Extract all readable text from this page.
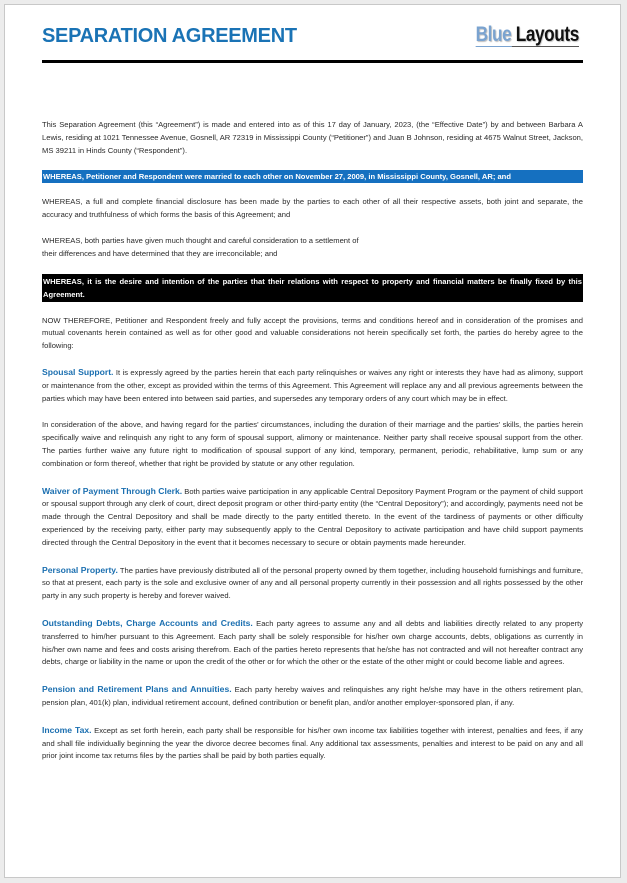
SEPARATION AGREEMENT	Blue Layouts

This Separation Agreement (this “Agreement”) is made and entered into as of this 17 day of January, 2023, (the “Effective Date”) by and between Barbara A Lewis, residing at 1021 Tennessee Avenue, Gosnell, AR 72319 in Mississippi County (“Petitioner”) and Juan B Johnson, residing at 4675 Walnut Street, Jackson, MS 39211 in Hinds County (“Respondent”).

WHEREAS, Petitioner and Respondent were married to each other on November 27, 2009, in Mississippi County, Gosnell, AR; and

WHEREAS, a full and complete financial disclosure has been made by the parties to each other of all their respective assets, both joint and separate, the accuracy and truthfulness of which forms the basis of this Agreement; and

WHEREAS, both parties have given much thought and careful consideration to a settlement of
their differences and have determined that they are irreconcilable; and

WHEREAS, it is the desire and intention of the parties that their relations with respect to property and financial matters be finally fixed by this Agreement.

NOW THEREFORE, Petitioner and Respondent freely and fully accept the provisions, terms and conditions hereof and in consideration of the promises and mutual covenants herein contained as well as for other good and valuable considerations not herein specifically set forth, the parties do hereby agree to the following:

Spousal Support. It is expressly agreed by the parties herein that each party relinquishes or waives any right or interests they have had as alimony, support or maintenance from the other, except as provided within the terms of this Agreement. This Agreement will replace any and all previous agreements between the parties which may have been entered into between said parties, and supersedes any temporary orders of any court which may be in effect.

In consideration of the above, and having regard for the parties’ circumstances, including the duration of their marriage and the parties’ skills, the parties herein specifically waive and relinquish any right to any form of spousal support, alimony or maintenance. Neither party shall receive spousal support from the other. The parties further waive any future right to modification of spousal support of any kind, temporary, permanent, periodic, rehabilitative, lump sum or any combination or form thereof, whether that right be provided by statute or any other regulation.

Waiver of Payment Through Clerk. Both parties waive participation in any applicable Central Depository Payment Program or the payment of child support or spousal support through any clerk of court, direct deposit program or other third-party entity (the “Central Depository”); and accordingly, payments need not be made through the Central Depository and shall be made directly to the party entitled thereto. In the event of the tardiness of payments or other difficulty experienced by the receiving party, either party may subsequently apply to the Central Depository to activate participation and have child support payments directed through the Central Depository in the event that it becomes necessary to secure or obtain payments made hereunder.

Personal Property. The parties have previously distributed all of the personal property owned by them together, including household furnishings and furniture, so that at present, each party is the sole and exclusive owner of any and all personal property currently in their possession and all rights possessed by the other party in any such property is hereby and forever waived.

Outstanding Debts, Charge Accounts and Credits. Each party agrees to assume any and all debts and liabilities directly related to any property transferred to him/her pursuant to this Agreement. Each party shall be solely responsible for his/her own charge accounts, debts, obligations as currently in his/her own name and fees and costs arising therefrom. Each of the parties hereto represents that he/she has not contracted and will not hereafter contract any debts, charge or liability in the name or upon the credit of the other or for which the other or the estate of the other might or could become liable and agrees.

Pension and Retirement Plans and Annuities. Each party hereby waives and relinquishes any right he/she may have in the others retirement plan, pension plan, 401(k) plan, individual retirement account, defined contribution or benefit plan, and/or another employer-sponsored plan, if any.

Income Tax. Except as set forth herein, each party shall be responsible for his/her own income tax liabilities together with interest, penalties and fees, if any and shall file individually beginning the year the divorce decree becomes final. Any additional tax assessments, penalties and interest to be paid on any and all prior joint income tax returns files by the parties shall be paid by both parties equally.
